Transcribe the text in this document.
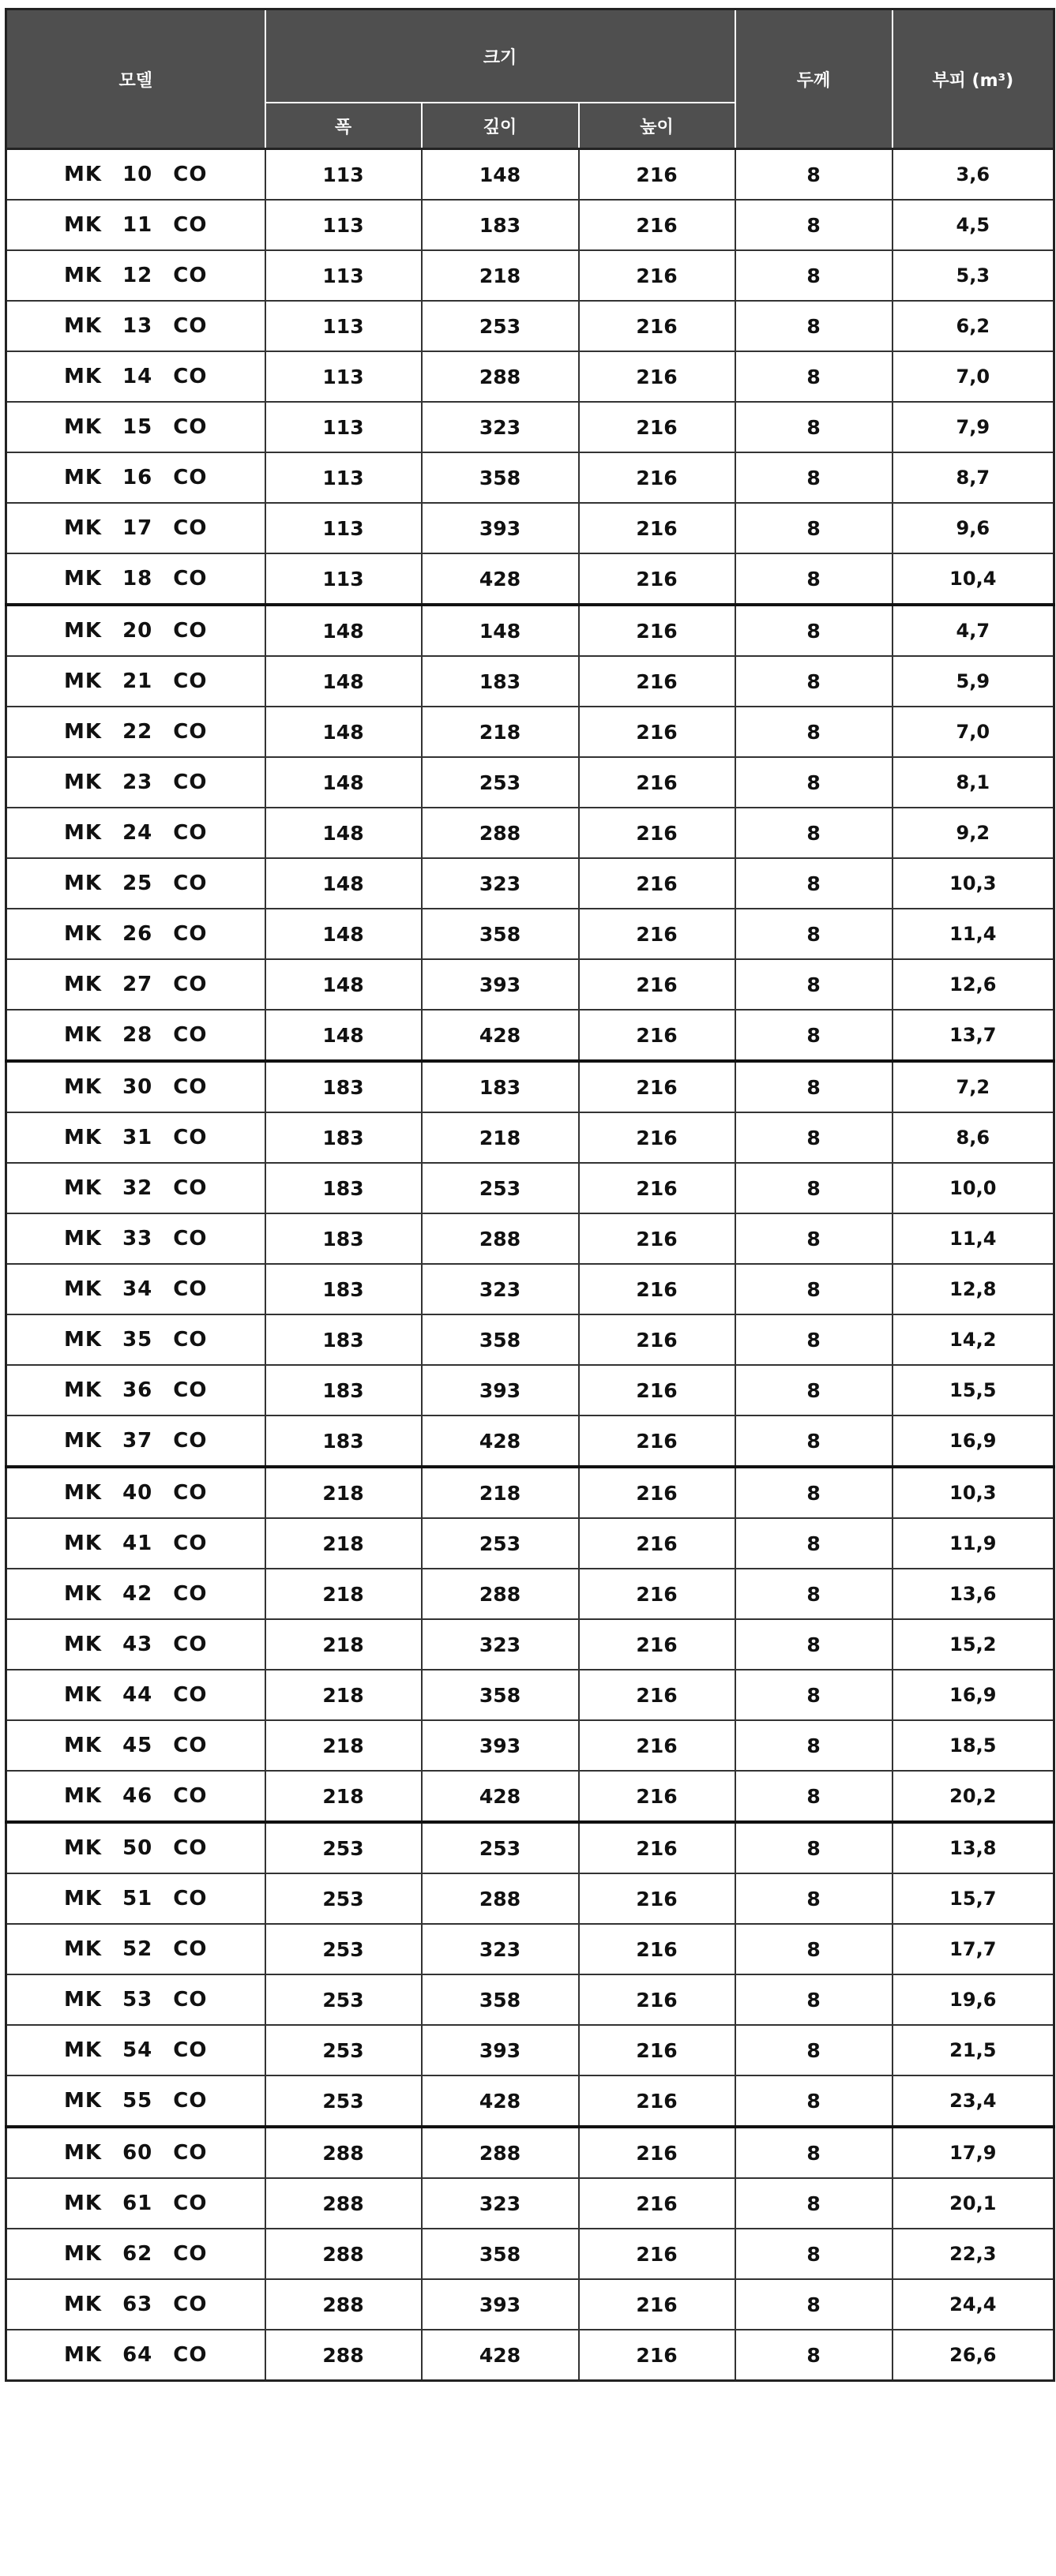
모델	크기			두께	부피 (m³)
	폭	깊이	높이		
MK 10 CO	113	148	216	8	3,6
MK 11 CO	113	183	216	8	4,5
MK 12 CO	113	218	216	8	5,3
MK 13 CO	113	253	216	8	6,2
MK 14 CO	113	288	216	8	7,0
MK 15 CO	113	323	216	8	7,9
MK 16 CO	113	358	216	8	8,7
MK 17 CO	113	393	216	8	9,6
MK 18 CO	113	428	216	8	10,4
MK 20 CO	148	148	216	8	4,7
MK 21 CO	148	183	216	8	5,9
MK 22 CO	148	218	216	8	7,0
MK 23 CO	148	253	216	8	8,1
MK 24 CO	148	288	216	8	9,2
MK 25 CO	148	323	216	8	10,3
MK 26 CO	148	358	216	8	11,4
MK 27 CO	148	393	216	8	12,6
MK 28 CO	148	428	216	8	13,7
MK 30 CO	183	183	216	8	7,2
MK 31 CO	183	218	216	8	8,6
MK 32 CO	183	253	216	8	10,0
MK 33 CO	183	288	216	8	11,4
MK 34 CO	183	323	216	8	12,8
MK 35 CO	183	358	216	8	14,2
MK 36 CO	183	393	216	8	15,5
MK 37 CO	183	428	216	8	16,9
MK 40 CO	218	218	216	8	10,3
MK 41 CO	218	253	216	8	11,9
MK 42 CO	218	288	216	8	13,6
MK 43 CO	218	323	216	8	15,2
MK 44 CO	218	358	216	8	16,9
MK 45 CO	218	393	216	8	18,5
MK 46 CO	218	428	216	8	20,2
MK 50 CO	253	253	216	8	13,8
MK 51 CO	253	288	216	8	15,7
MK 52 CO	253	323	216	8	17,7
MK 53 CO	253	358	216	8	19,6
MK 54 CO	253	393	216	8	21,5
MK 55 CO	253	428	216	8	23,4
MK 60 CO	288	288	216	8	17,9
MK 61 CO	288	323	216	8	20,1
MK 62 CO	288	358	216	8	22,3
MK 63 CO	288	393	216	8	24,4
MK 64 CO	288	428	216	8	26,6
